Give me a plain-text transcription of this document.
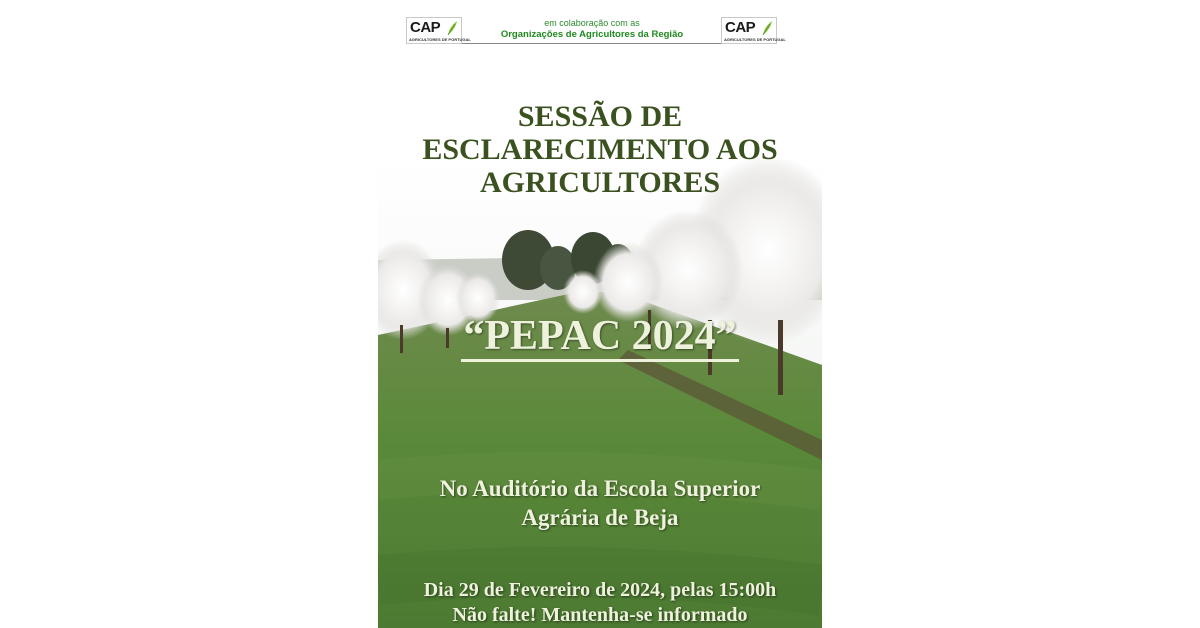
CAP
AGRICULTORES DE PORTUGAL
em colaboração com as
Organizações de Agricultores da Região	CAP
AGRICULTORES DE PORTUGAL
SESSÃO DE
ESCLARECIMENTO AOS
AGRICULTORES
“PEPAC 2024”
No Auditório da Escola Superior
Agrária de Beja
Dia 29 de Fevereiro de 2024, pelas 15:00h
Não falte! Mantenha-se informado
